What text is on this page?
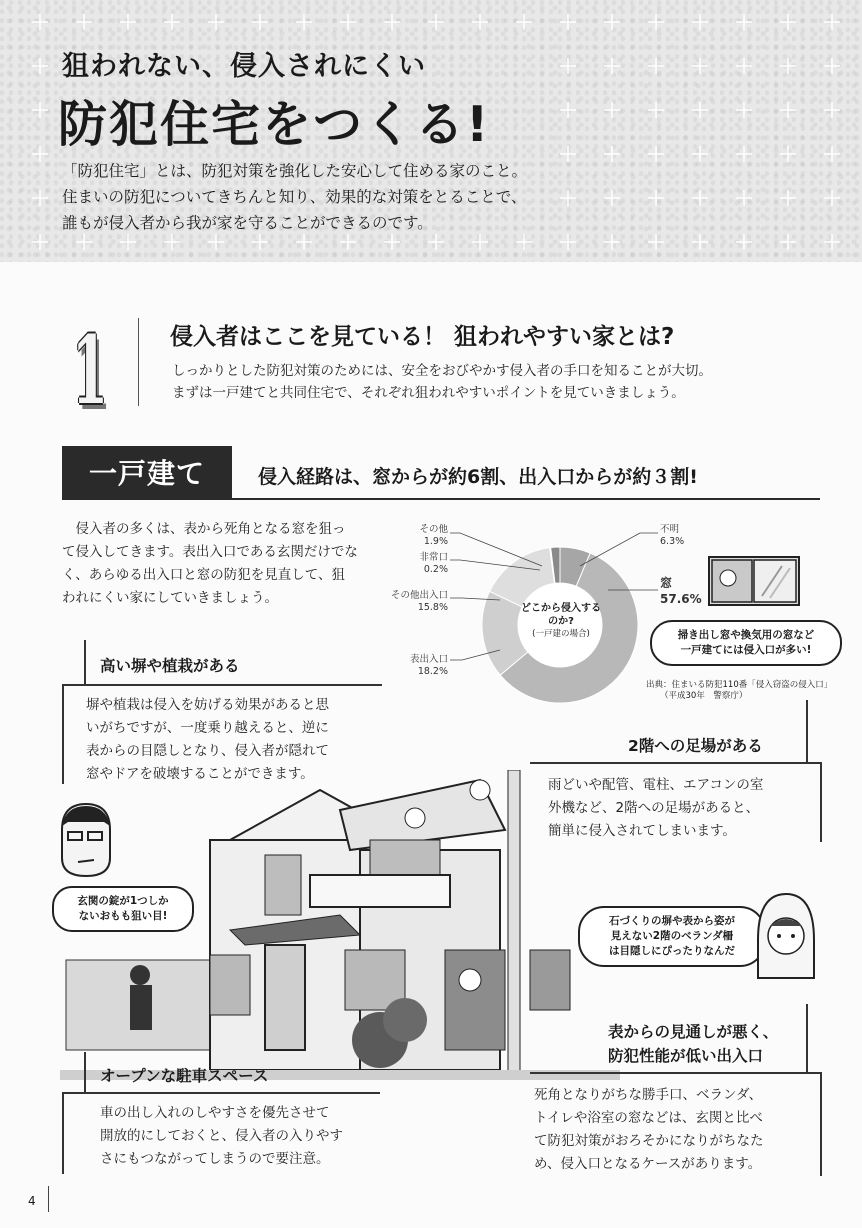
狙われない、侵入されにくい
防犯住宅をつくる!
「防犯住宅」とは、防犯対策を強化した安心して住める家のこと。
住まいの防犯についてきちんと知り、効果的な対策をとることで、
誰もが侵入者から我が家を守ることができるのです。
1	侵入者はここを見ている！ 狙われやすい家とは?
しっかりとした防犯対策のためには、安全をおびやかす侵入者の手口を知ることが大切。
まずは一戸建てと共同住宅で、それぞれ狙われやすいポイントを見ていきましょう。
一戸建て	侵入経路は、窓からが約6割、出入口からが約３割!
　侵入者の多くは、表から死角となる窓を狙っ
て侵入してきます。表出入口である玄関だけでな
く、あらゆる出入口と窓の防犯を見直して、狙
われにくい家にしていきましょう。
どこから侵入するのか?
(一戸建の場合)
その他
1.9%
非常口
0.2%
その他出入口
15.8%
表出入口
18.2%
不明
6.3%
窓
57.6%
掃き出し窓や換気用の窓など
一戸建てには侵入口が多い!
出典：住まいる防犯110番「侵入窃盗の侵入口」
（平成30年　警察庁）
高い塀や植栽がある
塀や植栽は侵入を妨げる効果があると思
いがちですが、一度乗り越えると、逆に
表からの目隠しとなり、侵入者が隠れて
窓やドアを破壊することができます。
2階への足場がある
雨どいや配管、電柱、エアコンの室
外機など、2階への足場があると、
簡単に侵入されてしまいます。
玄関の錠が1つしか
ないおもも狙い目!	石づくりの塀や表から姿が
見えない2階のベランダ柵
は目隠しにぴったりなんだ
オープンな駐車スペース
車の出し入れのしやすさを優先させて
開放的にしておくと、侵入者の入りやす
さにもつながってしまうので要注意。
表からの見通しが悪く、
防犯性能が低い出入口
死角となりがちな勝手口、ベランダ、
トイレや浴室の窓などは、玄関と比べ
て防犯対策がおろそかになりがちなた
め、侵入口となるケースがあります。
4
